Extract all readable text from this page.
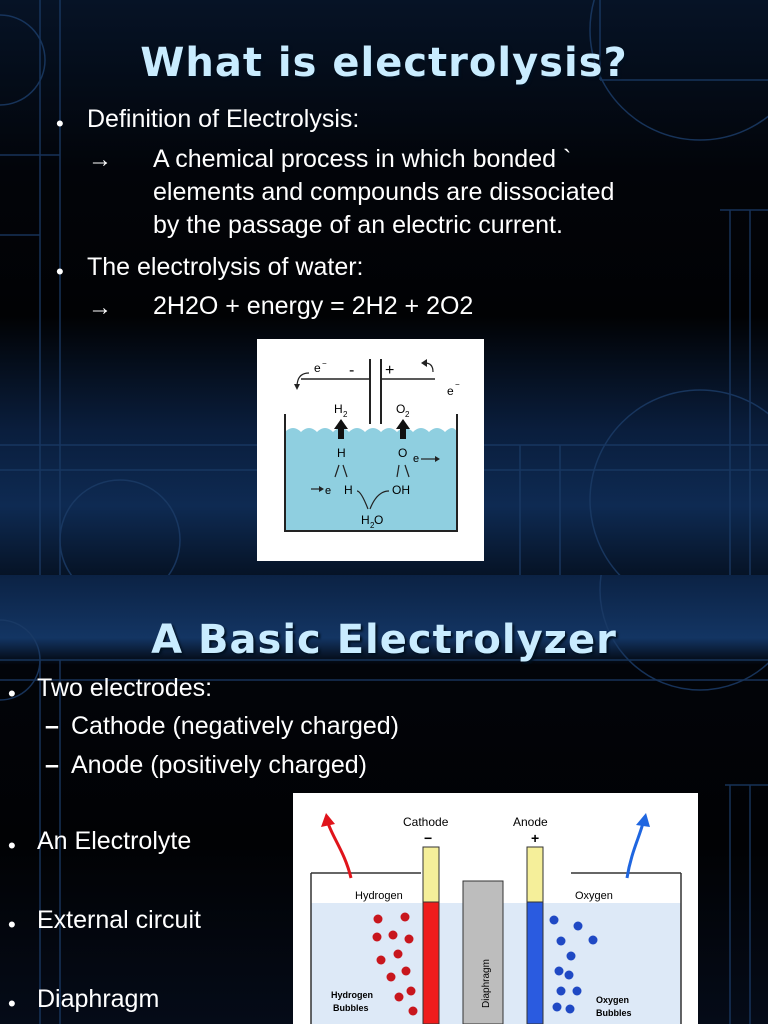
What is electrolysis?
• Definition of Electrolysis:
→ A chemical process in which bonded `
elements and compounds are dissociated
by the passage of an electric current.
• The electrolysis of water:
→ 2H2O + energy = 2H2 + 2O2
e − - +
e −
H 2	O 2
H	O e
e H	OH
H 2 O
A Basic Electrolyzer
• Two electrodes:
– Cathode (negatively charged)
– Anode (positively charged)
• An Electrolyte
• External circuit
• Diaphragm
Cathode	Anode
−	+
Diaphragm
Hydrogen	Oxygen
Hydrogen
Bubbles
Oxygen
Bubbles
